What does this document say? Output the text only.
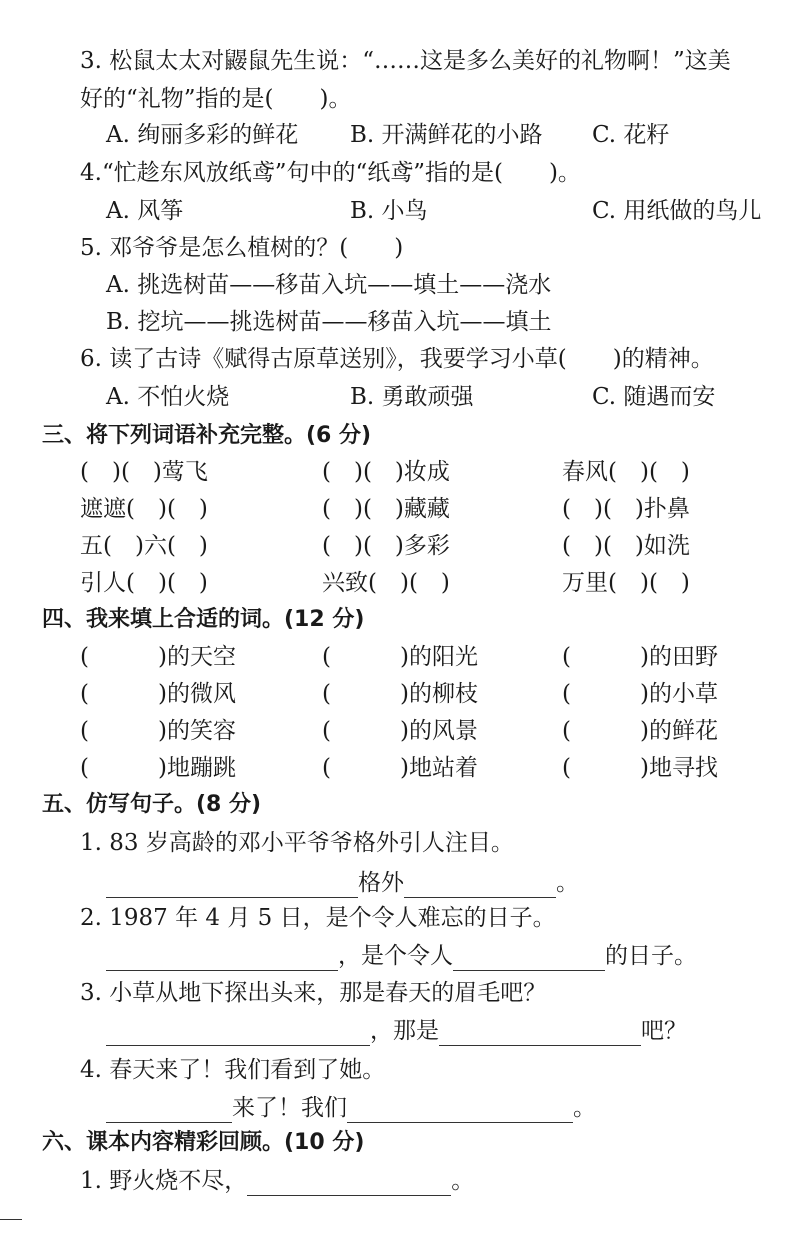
3. 松鼠太太对鼹鼠先生说：“……这是多么美好的礼物啊！”这美
好的“礼物”指的是(　　)。
A. 绚丽多彩的鲜花 B. 开满鲜花的小路 C. 花籽
4.“忙趁东风放纸鸢”句中的“纸鸢”指的是(　　)。
A. 风筝	B. 小鸟	C. 用纸做的鸟儿
5. 邓爷爷是怎么植树的？(　　)
A. 挑选树苗——移苗入坑——填土——浇水
B. 挖坑——挑选树苗——移苗入坑——填土
6. 读了古诗《赋得古原草送别》，我要学习小草(　　)的精神。
A. 不怕火烧	B. 勇敢顽强	C. 随遇而安
三、将下列词语补充完整。(6 分)
(　)(　)莺飞	(　)(　)妆成	春风(　)(　)
遮遮(　)(　)	(　)(　)藏藏	(　)(　)扑鼻
五(　)六(　)	(　)(　)多彩	(　)(　)如洗
引人(　)(　)	兴致(　)(　)	万里(　)(　)
四、我来填上合适的词。(12 分)
(　　　)的天空	(　　　)的阳光	(　　　)的田野
(　　　)的微风	(　　　)的柳枝	(　　　)的小草
(　　　)的笑容	(　　　)的风景	(　　　)的鲜花
(　　　)地蹦跳	(　　　)地站着	(　　　)地寻找
五、仿写句子。(8 分)
1. 83 岁高龄的邓小平爷爷格外引人注目。
格外	。
2. 1987 年 4 月 5 日，是个令人难忘的日子。
，是个令人	的日子。
3. 小草从地下探出头来，那是春天的眉毛吧？
，那是	吧？
4. 春天来了！我们看到了她。
来了！我们	。
六、课本内容精彩回顾。(10 分)
1. 野火烧不尽，	。
